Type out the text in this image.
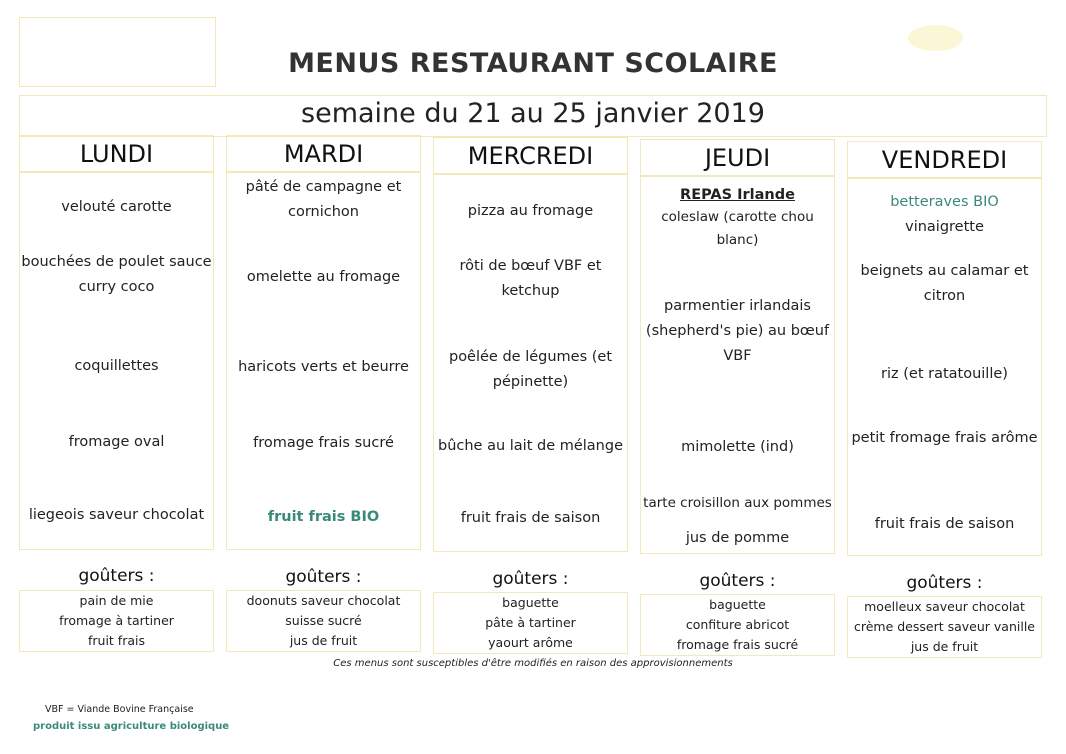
MENUS RESTAURANT SCOLAIRE
semaine du 21 au 25 janvier 2019
LUNDI
velouté carotte
bouchées de poulet sauce curry coco
coquillettes
fromage oval
liegeois saveur chocolat
goûters :
pain de mie
fromage à tartiner
fruit frais
MARDI
pâté de campagne et cornichon
omelette au fromage
haricots verts et beurre
fromage frais sucré
fruit frais BIO
goûters :
doonuts saveur chocolat
suisse sucré
jus de fruit
MERCREDI
pizza au fromage
rôti de bœuf VBF et ketchup
poêlée de légumes (et pépinette)
bûche au lait de mélange
fruit frais de saison
goûters :
baguette
pâte à tartiner
yaourt arôme
JEUDI
REPAS Irlande
coleslaw (carotte chou blanc)
parmentier irlandais (shepherd's pie) au bœuf VBF
mimolette (ind)
tarte croisillon aux pommes
jus de pomme
goûters :
baguette
confiture abricot
fromage frais sucré
VENDREDI
betteraves BIO
vinaigrette
beignets au calamar et citron
riz (et ratatouille)
petit fromage frais arôme
fruit frais de saison
goûters :
moelleux saveur chocolat
crème dessert saveur vanille
jus de fruit
Ces menus sont susceptibles d'être modifiés en raison des approvisionnements
VBF = Viande Bovine Française
produit issu agriculture biologique
